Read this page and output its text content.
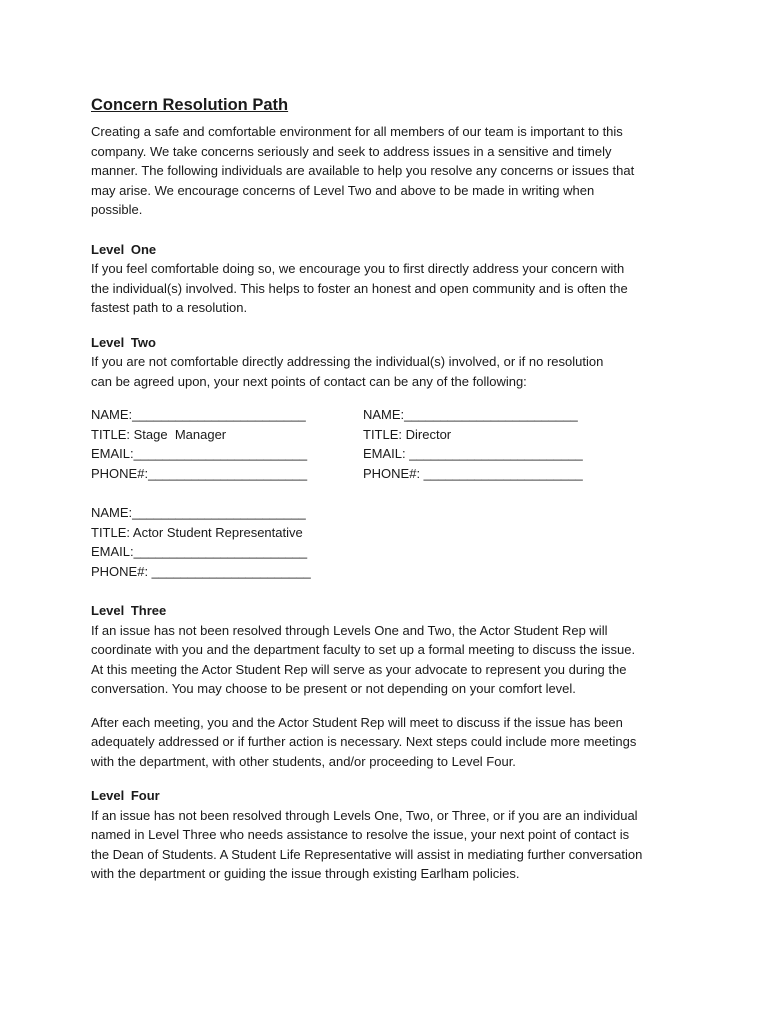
Concern Resolution Path

Creating a safe and comfortable environment for all members of our team is important to this
company. We take concerns seriously and seek to address issues in a sensitive and timely
manner. The following individuals are available to help you resolve any concerns or issues that
may arise. We encourage concerns of Level Two and above to be made in writing when
possible.

Level One

If you feel comfortable doing so, we encourage you to first directly address your concern with
the individual(s) involved. This helps to foster an honest and open community and is often the
fastest path to a resolution.

Level Two

If you are not comfortable directly addressing the individual(s) involved, or if no resolution
can be agreed upon, your next points of contact can be any of the following:

NAME:________________________

TITLE: Stage  Manager

EMAIL:________________________

PHONE#:______________________

NAME:________________________

TITLE: Director

EMAIL: ________________________

PHONE#: ______________________

NAME:________________________

TITLE: Actor Student Representative

EMAIL:________________________

PHONE#: ______________________

Level Three

If an issue has not been resolved through Levels One and Two, the Actor Student Rep will
coordinate with you and the department faculty to set up a formal meeting to discuss the issue.
At this meeting the Actor Student Rep will serve as your advocate to represent you during the
conversation. You may choose to be present or not depending on your comfort level.

After each meeting, you and the Actor Student Rep will meet to discuss if the issue has been
adequately addressed or if further action is necessary. Next steps could include more meetings
with the department, with other students, and/or proceeding to Level Four.

Level Four

If an issue has not been resolved through Levels One, Two, or Three, or if you are an individual
named in Level Three who needs assistance to resolve the issue, your next point of contact is
the Dean of Students. A Student Life Representative will assist in mediating further conversation
with the department or guiding the issue through existing Earlham policies.
